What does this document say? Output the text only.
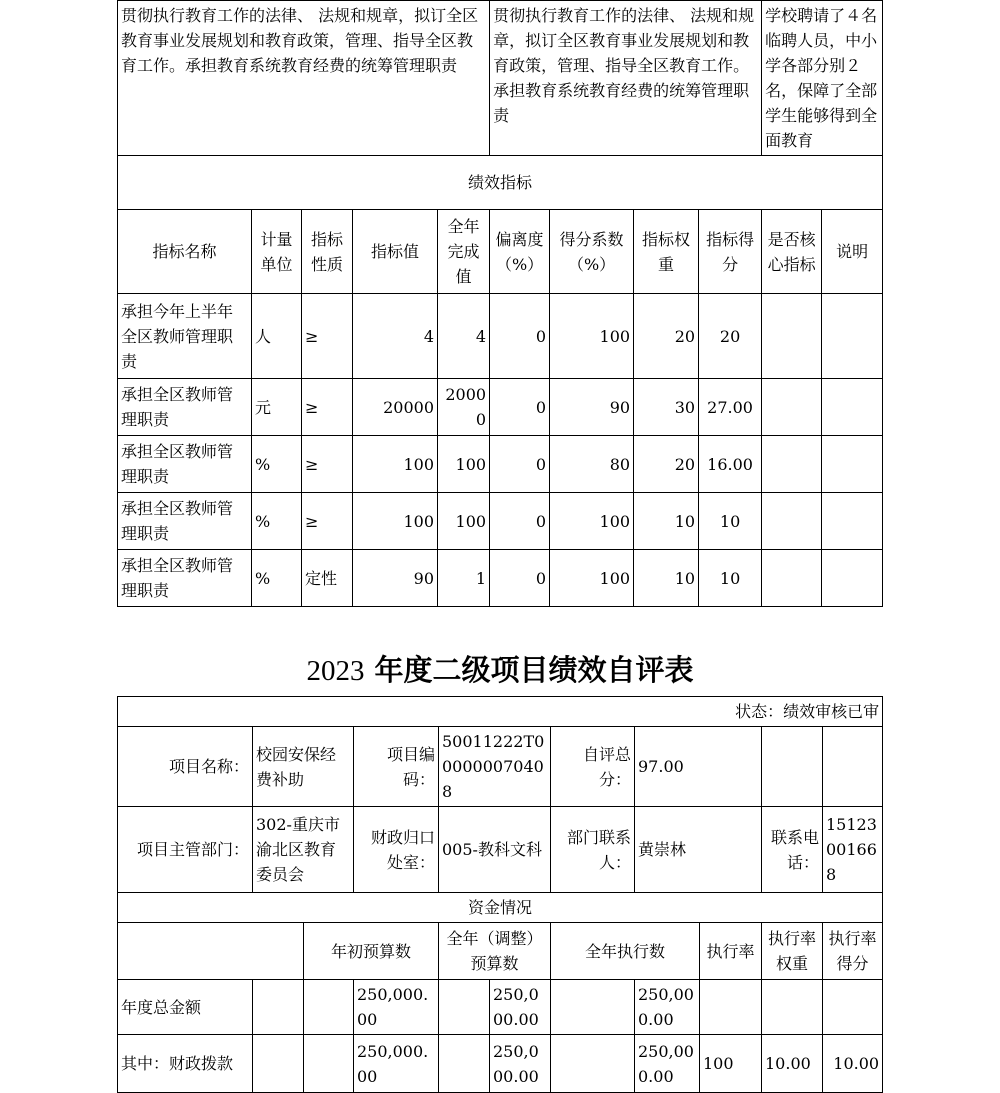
贯彻执行教育工作的法律、 法规和规章，拟订全区教育事业发展规划和教育政策，管理、指导全区教育工作。承担教育系统教育经费的统筹管理职责					贯彻执行教育工作的法律、 法规和规章，拟订全区教育事业发展规划和教育政策，管理、指导全区教育工作。承担教育系统教育经费的统筹管理职责				学校聘请了４名临聘人员，中小学各部分别２名，保障了全部学生能够得到全面教育	
绩效指标										
指标名称	计量单位	指标性质	指标值	全年完成值	偏离度（%）	得分系数（%）	指标权重	指标得分	是否核心指标	说明
承担今年上半年全区教师管理职责	人	≥	4	4	0	100	20	20		
承担全区教师管理职责	元	≥	20000	20000	0	90	30	27.00		
承担全区教师管理职责	%	≥	100	100	0	80	20	16.00		
承担全区教师管理职责	%	≥	100	100	0	100	10	10		
承担全区教师管理职责	%	定性	90	1	0	100	10	10		
2023 年度二级项目绩效自评表
状态：绩效审核已审										
项目名称：	校园安保经费补助		项目编码：	50011222T000000070408		自评总分：	97.00			
项目主管部门：	302-重庆市渝北区教育委员会		财政归口处室：	005-教科文科		部门联系人：	黄崇林		联系电话：	15123001668
资金情况										
		年初预算数		全年（调整）预算数		全年执行数		执行率	执行率权重	执行率得分
年度总金额			250,000.00		250,000.00		250,000.00			
其中：财政拨款			250,000.00		250,000.00		250,000.00	100	10.00	10.00
